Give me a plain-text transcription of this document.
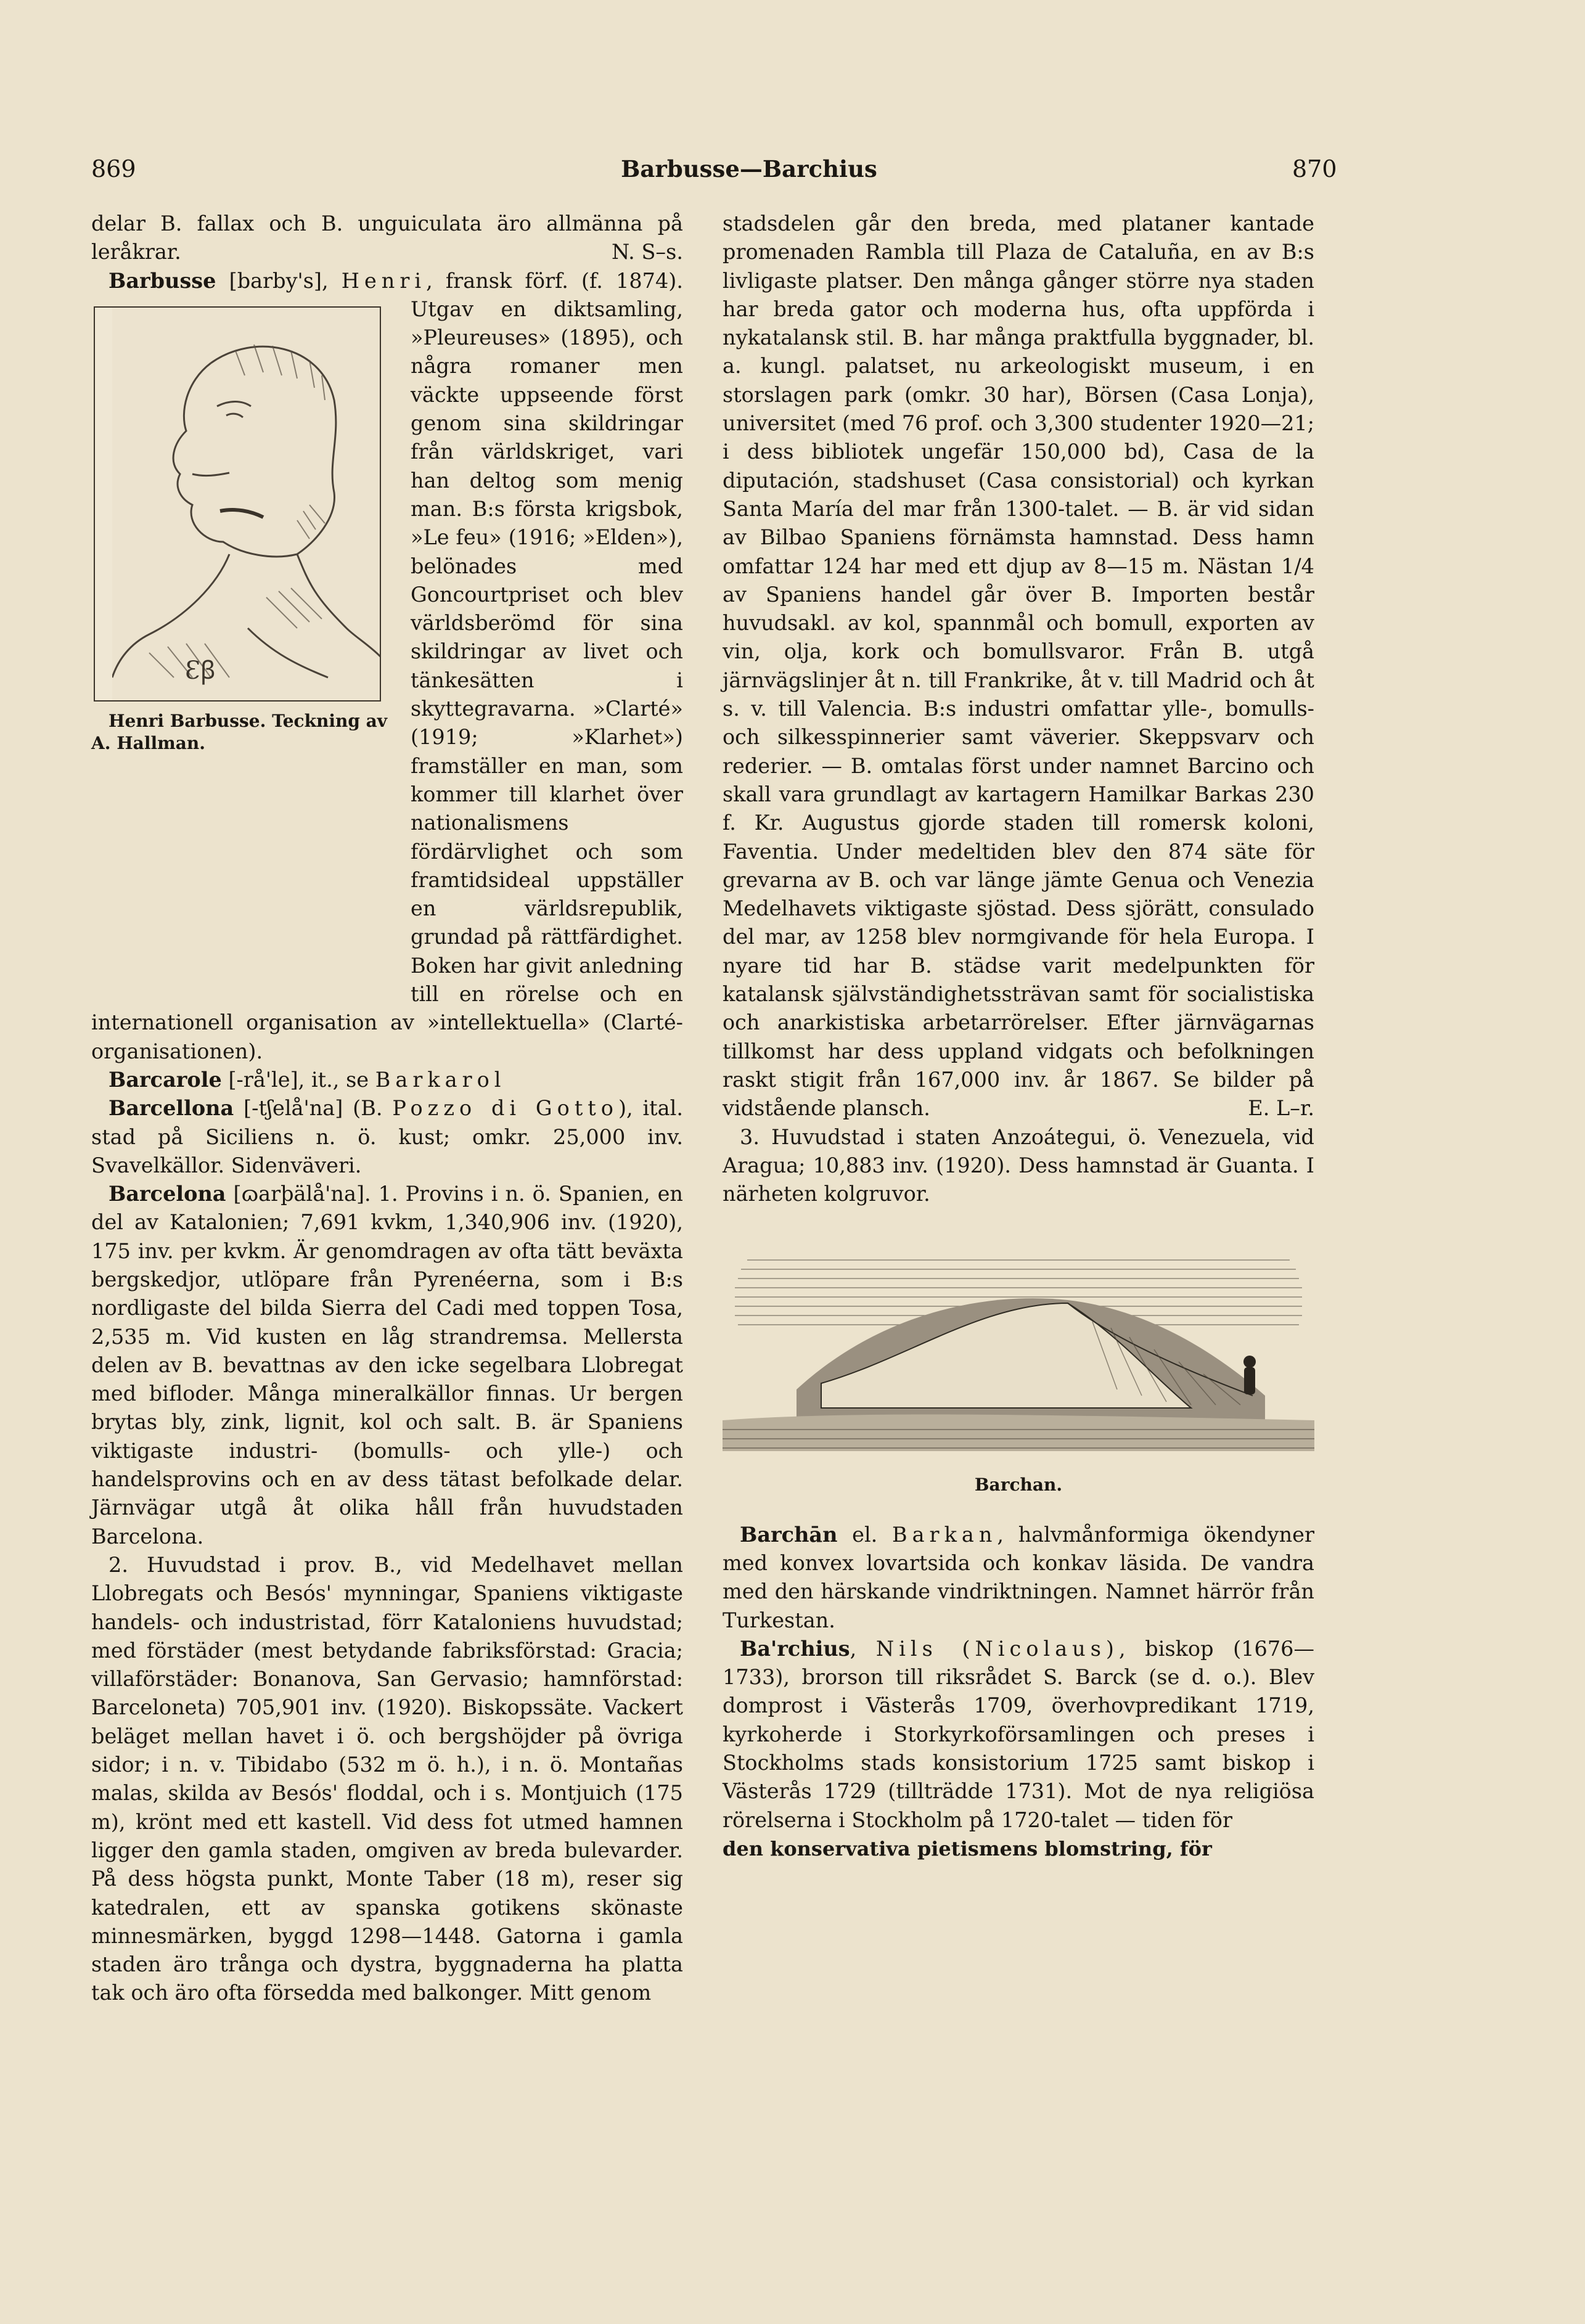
869	Barbusse—Barchius	870

delar B. fallax och B. unguiculata äro allmänna på leråkrar.	N. S–s.

Barbusse [barby's], Henri
Ɛꞵ
Henri Barbusse. Teckning av A. Hallman.
, fransk förf. (f. 1874). Utgav en diktsamling, »Pleureuses» (1895), och några romaner men väckte uppseende först genom sina skildringar från världskriget, vari han deltog som menig man. B:s första krigsbok, »Le feu» (1916; »Elden»), belönades med Goncourtpriset och blev världsberömd för sina skildringar av livet och tänkesätten i skyttegravarna. »Clarté» (1919; »Klarhet») framställer en man, som kommer till klarhet över nationalismens fördärvlighet och som framtidsideal uppställer en världsrepublik, grundad på rättfärdighet. Boken har givit anledning till en rörelse och en internationell organisation av »intellektuella» (Clarté-organisationen).

Barcarole [-rå'le], it., se Barkarol

Barcellona [-tʃelå'na] (B. Pozzo di Gotto), ital. stad på Siciliens n. ö. kust; omkr. 25,000 inv. Svavelkällor. Sidenväveri.

Barcelona [ɷarþälå'na]. 1. Provins i n. ö. Spanien, en del av Katalonien; 7,691 kvkm, 1,340,906 inv. (1920), 175 inv. per kvkm. Är genomdragen av ofta tätt beväxta bergskedjor, utlöpare från Pyrenéerna, som i B:s nordligaste del bilda Sierra del Cadi med toppen Tosa, 2,535 m. Vid kusten en låg strandremsa. Mellersta delen av B. bevattnas av den icke segelbara Llobregat med bifloder. Många mineralkällor finnas. Ur bergen brytas bly, zink, lignit, kol och salt. B. är Spaniens viktigaste industri- (bomulls- och ylle-) och handelsprovins och en av dess tätast befolkade delar. Järnvägar utgå åt olika håll från huvudstaden Barcelona.

2. Huvudstad i prov. B., vid Medelhavet mellan Llobregats och Besós' mynningar, Spaniens viktigaste handels- och industristad, förr Kataloniens huvudstad; med förstäder (mest betydande fabriksförstad: Gracia; villaförstäder: Bonanova, San Gervasio; hamnförstad: Barceloneta) 705,901 inv. (1920). Biskopssäte. Vackert beläget mellan havet i ö. och bergshöjder på övriga sidor; i n. v. Tibidabo (532 m ö. h.), i n. ö. Montañas malas, skilda av Besós' floddal, och i s. Montjuich (175 m), krönt med ett kastell. Vid dess fot utmed hamnen ligger den gamla staden, omgiven av breda bulevarder. På dess högsta punkt, Monte Taber (18 m), reser sig katedralen, ett av spanska gotikens skönaste minnesmärken, byggd 1298—1448. Gatorna i gamla staden äro trånga och dystra, byggnaderna ha platta tak och äro ofta försedda med balkonger. Mitt genom

stadsdelen går den breda, med plataner kantade promenaden Rambla till Plaza de Cataluña, en av B:s livligaste platser. Den många gånger större nya staden har breda gator och moderna hus, ofta uppförda i nykatalansk stil. B. har många praktfulla byggnader, bl. a. kungl. palatset, nu arkeologiskt museum, i en storslagen park (omkr. 30 har), Börsen (Casa Lonja), universitet (med 76 prof. och 3,300 studenter 1920—21; i dess bibliotek ungefär 150,000 bd), Casa de la diputación, stadshuset (Casa consistorial) och kyrkan Santa María del mar från 1300-talet. — B. är vid sidan av Bilbao Spaniens förnämsta hamnstad. Dess hamn omfattar 124 har med ett djup av 8—15 m. Nästan 1/4 av Spaniens handel går över B. Importen består huvudsakl. av kol, spannmål och bomull, exporten av vin, olja, kork och bomullsvaror. Från B. utgå järnvägslinjer åt n. till Frankrike, åt v. till Madrid och åt s. v. till Valencia. B:s industri omfattar ylle-, bomulls- och silkesspinnerier samt väverier. Skeppsvarv och rederier. — B. omtalas först under namnet Barcino och skall vara grundlagt av kartagern Hamilkar Barkas 230 f. Kr. Augustus gjorde staden till romersk koloni, Faventia. Under medeltiden blev den 874 säte för grevarna av B. och var länge jämte Genua och Venezia Medelhavets viktigaste sjöstad. Dess sjörätt, consulado del mar, av 1258 blev normgivande för hela Europa. I nyare tid har B. städse varit medelpunkten för katalansk självständighetssträvan samt för socialistiska och anarkistiska arbetarrörelser. Efter järnvägarnas tillkomst har dess uppland vidgats och befolkningen raskt stigit från 167,000 inv. år 1867. Se bilder på vidstående plansch.	E. L–r.

3. Huvudstad i staten Anzoátegui, ö. Venezuela, vid Aragua; 10,883 inv. (1920). Dess hamnstad är Guanta. I närheten kolgruvor.

Barchan.

Barchān el. Barkan, halvmånformiga ökendyner med konvex lovartsida och konkav läsida. De vandra med den härskande vindriktningen. Namnet härrör från Turkestan.

Ba'rchius, Nils (Nicolaus), biskop (1676—1733), brorson till riksrådet S. Barck (se d. o.). Blev domprost i Västerås 1709, överhovpredikant 1719, kyrkoherde i Storkyrkoförsamlingen och preses i Stockholms stads konsistorium 1725 samt biskop i Västerås 1729 (tillträdde 1731). Mot de nya religiösa rörelserna i Stockholm på 1720-talet — tiden för

den konservativa pietismens blomstring, för
